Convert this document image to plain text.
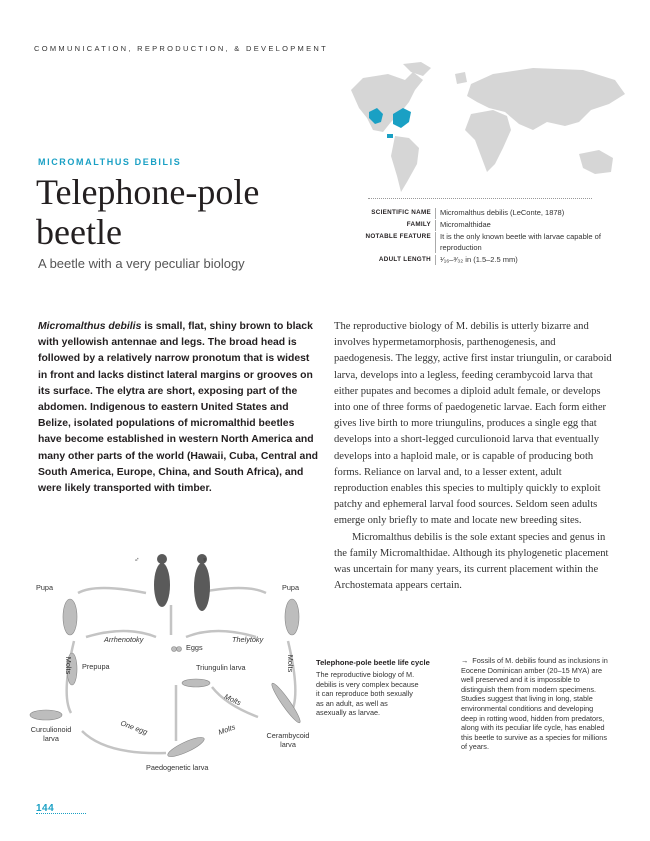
COMMUNICATION, REPRODUCTION, & DEVELOPMENT
MICROMALTHUS DEBILIS
Telephone-pole beetle
A beetle with a very peculiar biology
SCIENTIFIC NAME	Micromalthus debilis (LeConte, 1878)
FAMILY	Micromalthidae
NOTABLE FEATURE	It is the only known beetle with larvae capable of reproduction
ADULT LENGTH	¹⁄₁₆–³⁄₃₂ in (1.5–2.5 mm)
Micromalthus debilis is small, flat, shiny brown to black with yellowish antennae and legs. The broad head is followed by a relatively narrow pronotum that is widest in front and lacks distinct lateral margins or grooves on its surface. The elytra are short, exposing part of the abdomen. Indigenous to eastern United States and Belize, isolated populations of micromalthid beetles have become established in western North America and many other parts of the world (Hawaii, Cuba, Central and South America, Europe, China, and South Africa), and were likely transported with timber.

The reproductive biology of M. debilis is utterly bizarre and involves hypermetamorphosis, parthenogenesis, and paedogenesis. The leggy, active first instar triungulin, or caraboid larva, develops into a legless, feeding cerambycoid larva that either pupates and becomes a diploid adult female, or develops into one of three forms of paedogenetic larvae. Each form either gives live birth to more triungulins, produces a single egg that develops into a short-legged curculionoid larva that eventually develops into a haploid male, or is capable of producing both forms. Reliance on larval and, to a lesser extent, adult reproduction enables this species to multiply quickly to exploit patchy and ephemeral larval food sources. Seldom seen adults emerge only briefly to mate and locate new breeding sites.

Micromalthus debilis is the sole extant species and genus in the family Micromalthidae. Although its phylogenetic placement was uncertain for many years, its current placement within the Archostemata appears certain.

♂	♀
Pupa	Pupa
Arrhenotoky	Thelytoky
Eggs
Molts Prepupa	Molts
Triungulin larva
Molts
Curculionoid larva
One egg	Molts	Cerambycoid larva
Paedogenetic larva
Telephone-pole beetle life cycle
The reproductive biology of M. debilis is very complex because it can reproduce both sexually as an adult, as well as asexually as larvae.
→ Fossils of M. debilis found as inclusions in Eocene Dominican amber (20–15 MYA) are well preserved and it is impossible to distinguish them from modern specimens. Studies suggest that living in long, stable environmental conditions and developing deep in rotting wood, hidden from predators, along with its peculiar life cycle, has enabled this beetle to survive as a species for millions of years.
144
